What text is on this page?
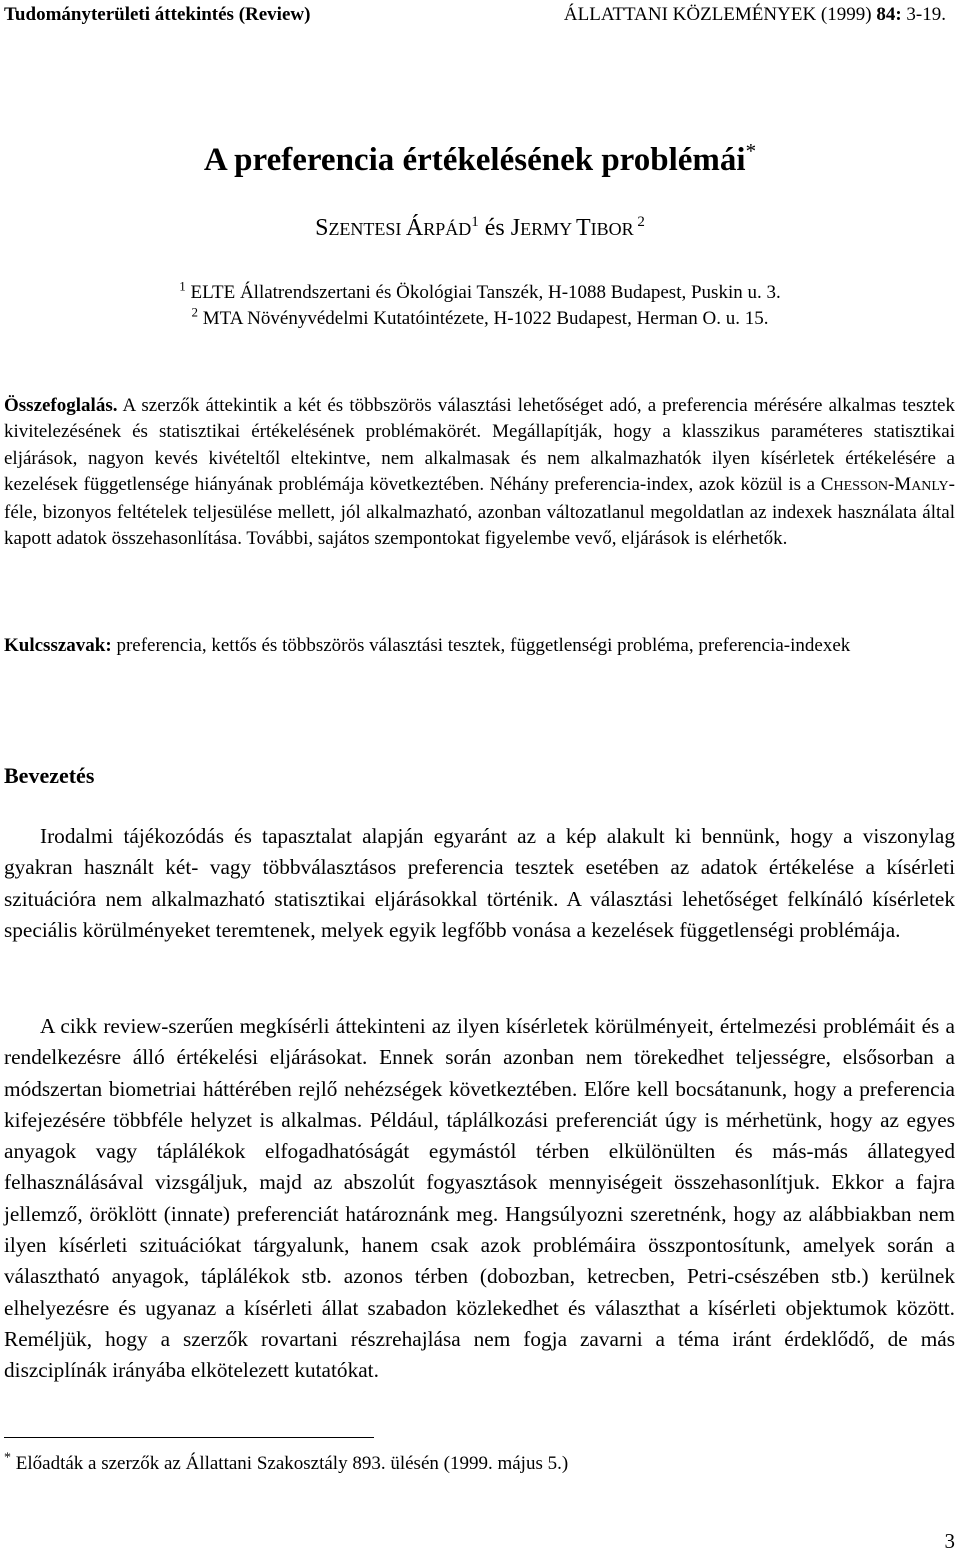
Tudományterületi áttekintés (Review)	ÁLLATTANI KÖZLEMÉNYEK (1999) 84: 3-19.
A preferencia értékelésének problémái*
SZENTESI ÁRPÁD$^1$ és JERMY TIBOR $^2$
$^1$ ELTE Állatrendszertani és Ökológiai Tanszék, H-1088 Budapest, Puskin u. 3.
$^2$ MTA Növényvédelmi Kutatóintézete, H-1022 Budapest, Herman O. u. 15.

Összefoglalás. A szerzők áttekintik a két és többszörös választási lehetőséget adó, a preferencia mérésére alkalmas tesztek kivitelezésének és statisztikai értékelésének problémakörét. Megállapítják, hogy a klasszikus paraméteres statisztikai eljárások, nagyon kevés kivételtől eltekintve, nem alkalmasak és nem alkalmazhatók ilyen kísérletek értékelésére a kezelések függetlensége hiányának problémája következtében. Néhány preferencia-index, azok közül is a CHESSON-MANLY-féle, bizonyos feltételek teljesülése mellett, jól alkalmazható, azonban változatlanul megoldatlan az indexek használata által kapott adatok összehasonlítása. További, sajátos szempontokat figyelembe vevő, eljárások is elérhetők.

Kulcsszavak: preferencia, kettős és többszörös választási tesztek, függetlenségi probléma, preferencia-indexek

Bevezetés

Irodalmi tájékozódás és tapasztalat alapján egyaránt az a kép alakult ki bennünk, hogy a viszonylag gyakran használt két- vagy többválasztásos preferencia tesztek esetében az adatok értékelése a kísérleti szituációra nem alkalmazható statisztikai eljárásokkal történik. A választási lehetőséget felkínáló kísérletek speciális körülményeket teremtenek, melyek egyik legfőbb vonása a kezelések függetlenségi problémája.

A cikk review-szerűen megkísérli áttekinteni az ilyen kísérletek körülményeit, értelmezési problémáit és a rendelkezésre álló értékelési eljárásokat. Ennek során azonban nem törekedhet teljességre, elsősorban a módszertan biometriai háttérében rejlő nehézségek következtében. Előre kell bocsátanunk, hogy a preferencia kifejezésére többféle helyzet is alkalmas. Például, táplálkozási preferenciát úgy is mérhetünk, hogy az egyes anyagok vagy táplálékok elfogadhatóságát egymástól térben elkülönülten és más-más állategyed felhasználásával vizsgáljuk, majd az abszolút fogyasztások mennyiségeit összehasonlítjuk. Ekkor a fajra jellemző, öröklött (innate) preferenciát határoznánk meg. Hangsúlyozni szeretnénk, hogy az alábbiakban nem ilyen kísérleti szituációkat tárgyalunk, hanem csak azok problémáira összpontosítunk, amelyek során a választható anyagok, táplálékok stb. azonos térben (dobozban, ketrecben, Petri-csészében stb.) kerülnek elhelyezésre és ugyanaz a kísérleti állat szabadon közlekedhet és választhat a kísérleti objektumok között. Reméljük, hogy a szerzők rovartani részrehajlása nem fogja zavarni a téma iránt érdeklődő, de más diszciplínák irányába elkötelezett kutatókat.

* Előadták a szerzők az Állattani Szakosztály 893. ülésén (1999. május 5.)

3
